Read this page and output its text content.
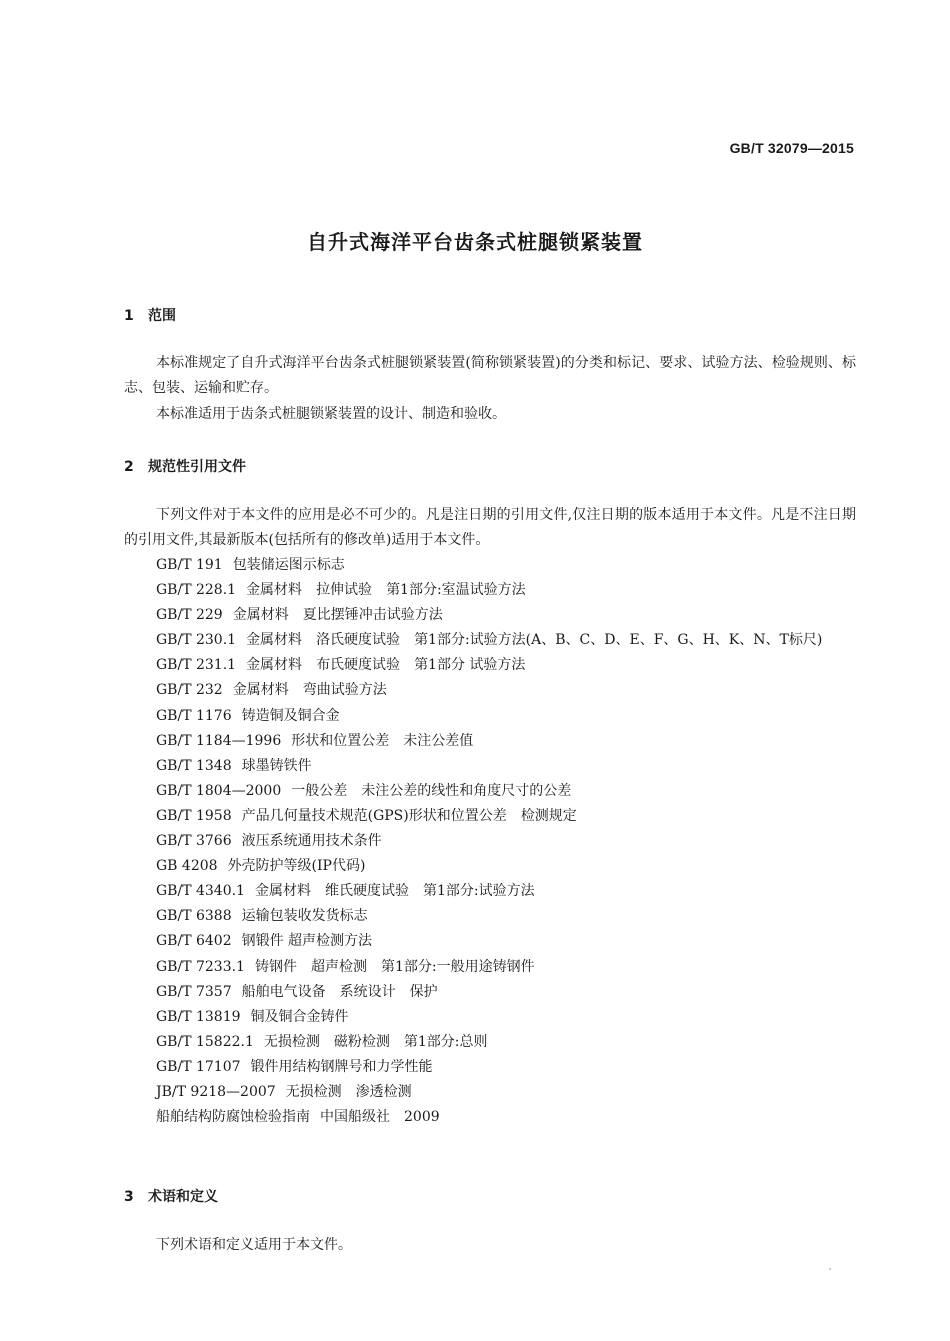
GB/T 32079—2015
自升式海洋平台齿条式桩腿锁紧装置
1 范围

本标准规定了自升式海洋平台齿条式桩腿锁紧装置(简称锁紧装置)的分类和标记、要求、试验方法、检验规则、标志、包装、运输和贮存。

本标准适用于齿条式桩腿锁紧装置的设计、制造和验收。

2 规范性引用文件

下列文件对于本文件的应用是必不可少的。凡是注日期的引用文件,仅注日期的版本适用于本文件。凡是不注日期的引用文件,其最新版本(包括所有的修改单)适用于本文件。

GB/T 191 包装储运图示标志
GB/T 228.1 金属材料 拉伸试验 第1部分:室温试验方法
GB/T 229 金属材料 夏比摆锤冲击试验方法
GB/T 230.1 金属材料 洛氏硬度试验 第1部分:试验方法(A、B、C、D、E、F、G、H、K、N、T标尺)
GB/T 231.1 金属材料 布氏硬度试验 第1部分 试验方法
GB/T 232 金属材料 弯曲试验方法
GB/T 1176 铸造铜及铜合金
GB/T 1184—1996 形状和位置公差 未注公差值
GB/T 1348 球墨铸铁件
GB/T 1804—2000 一般公差 未注公差的线性和角度尺寸的公差
GB/T 1958 产品几何量技术规范(GPS)形状和位置公差 检测规定
GB/T 3766 液压系统通用技术条件
GB 4208 外壳防护等级(IP代码)
GB/T 4340.1 金属材料 维氏硬度试验 第1部分:试验方法
GB/T 6388 运输包装收发货标志
GB/T 6402 钢锻件 超声检测方法
GB/T 7233.1 铸钢件 超声检测 第1部分:一般用途铸钢件
GB/T 7357 船舶电气设备 系统设计 保护
GB/T 13819 铜及铜合金铸件
GB/T 15822.1 无损检测 磁粉检测 第1部分:总则
GB/T 17107 锻件用结构钢牌号和力学性能
JB/T 9218—2007 无损检测 渗透检测
船舶结构防腐蚀检验指南 中国船级社 2009
3 术语和定义

下列术语和定义适用于本文件。
